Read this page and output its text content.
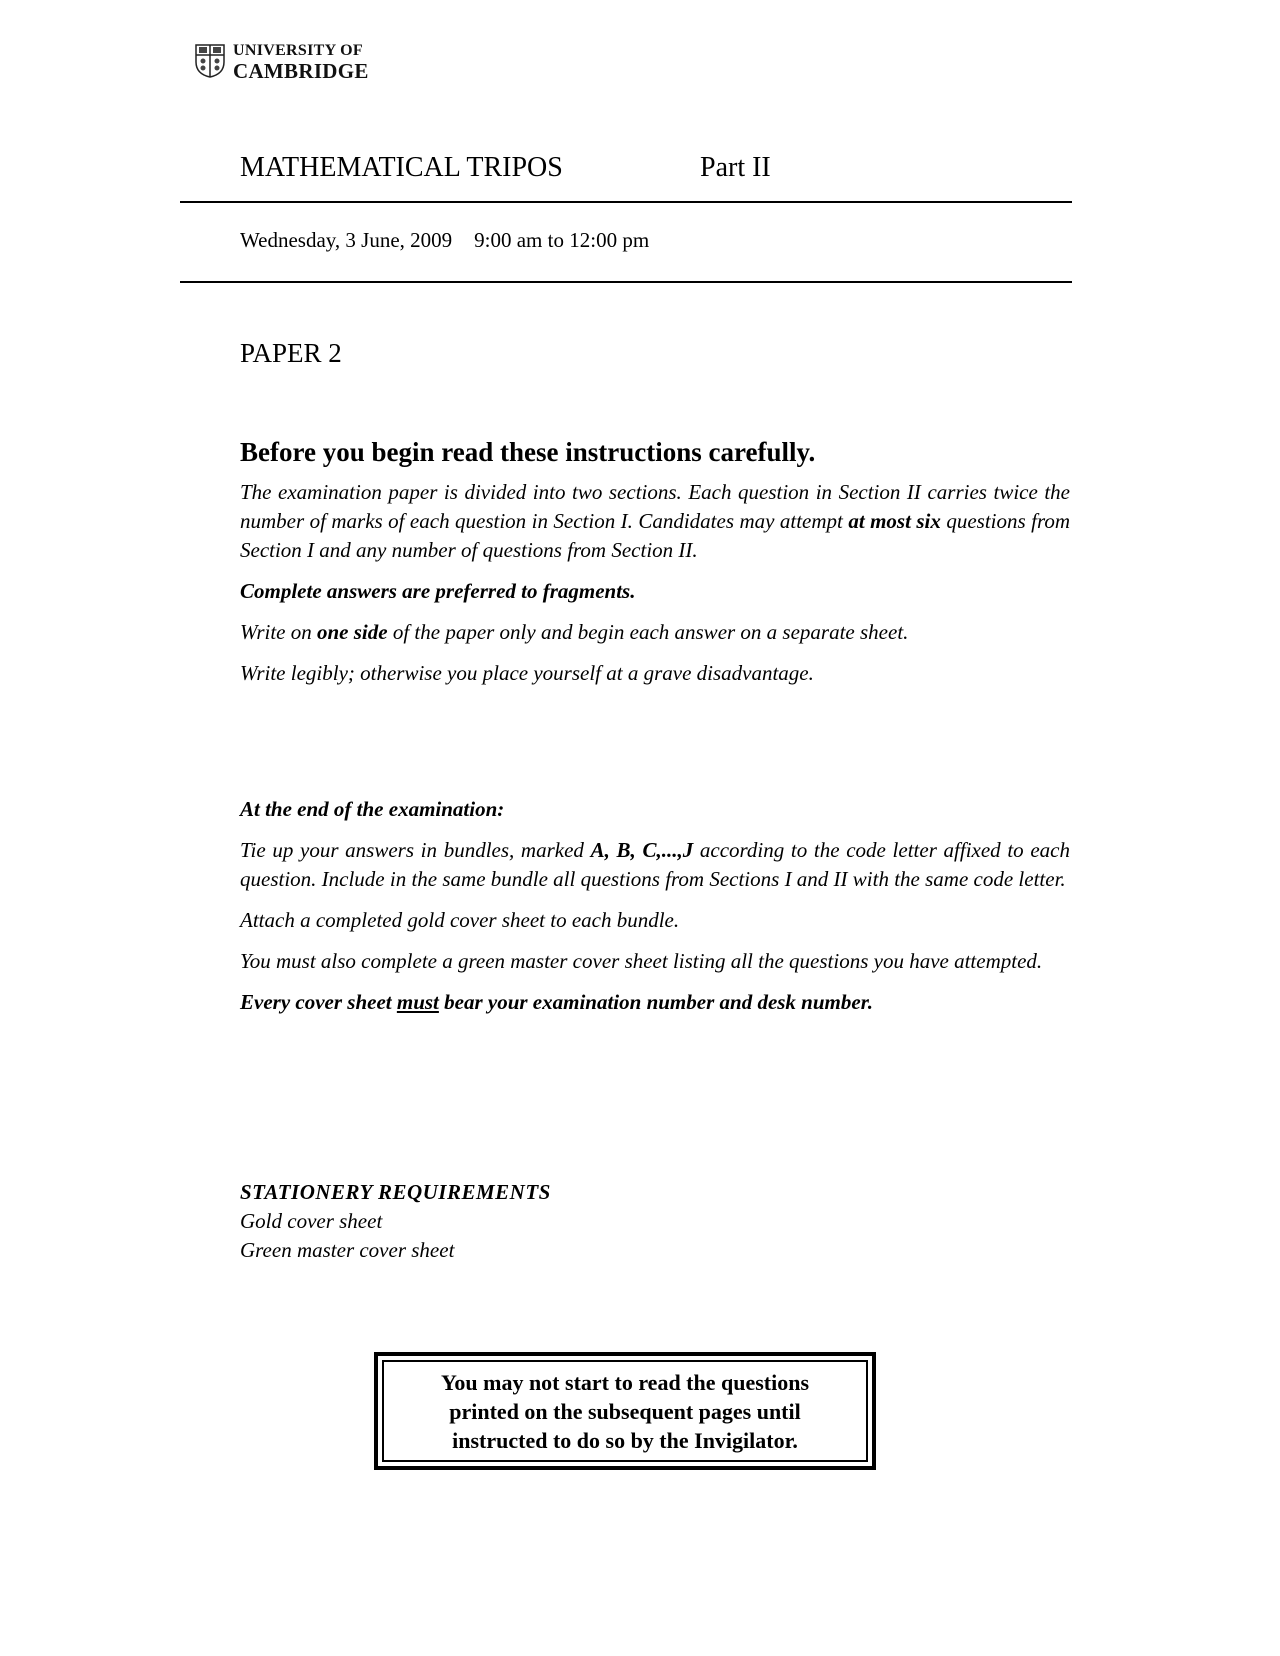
UNIVERSITY OF
CAMBRIDGE
MATHEMATICAL TRIPOS	Part II
Wednesday, 3 June, 2009 9:00 am to 12:00 pm
PAPER 2
Before you begin read these instructions carefully.

The examination paper is divided into two sections. Each question in Section II carries twice the number of marks of each question in Section I. Candidates may attempt at most six questions from Section I and any number of questions from Section II.

Complete answers are preferred to fragments.

Write on one side of the paper only and begin each answer on a separate sheet.

Write legibly; otherwise you place yourself at a grave disadvantage.

At the end of the examination:

Tie up your answers in bundles, marked A, B, C,...,J according to the code letter affixed to each question. Include in the same bundle all questions from Sections I and II with the same code letter.

Attach a completed gold cover sheet to each bundle.

You must also complete a green master cover sheet listing all the questions you have attempted.

Every cover sheet must bear your examination number and desk number.

STATIONERY REQUIREMENTS

Gold cover sheet

Green master cover sheet

You may not start to read the questions
printed on the subsequent pages until
instructed to do so by the Invigilator.
